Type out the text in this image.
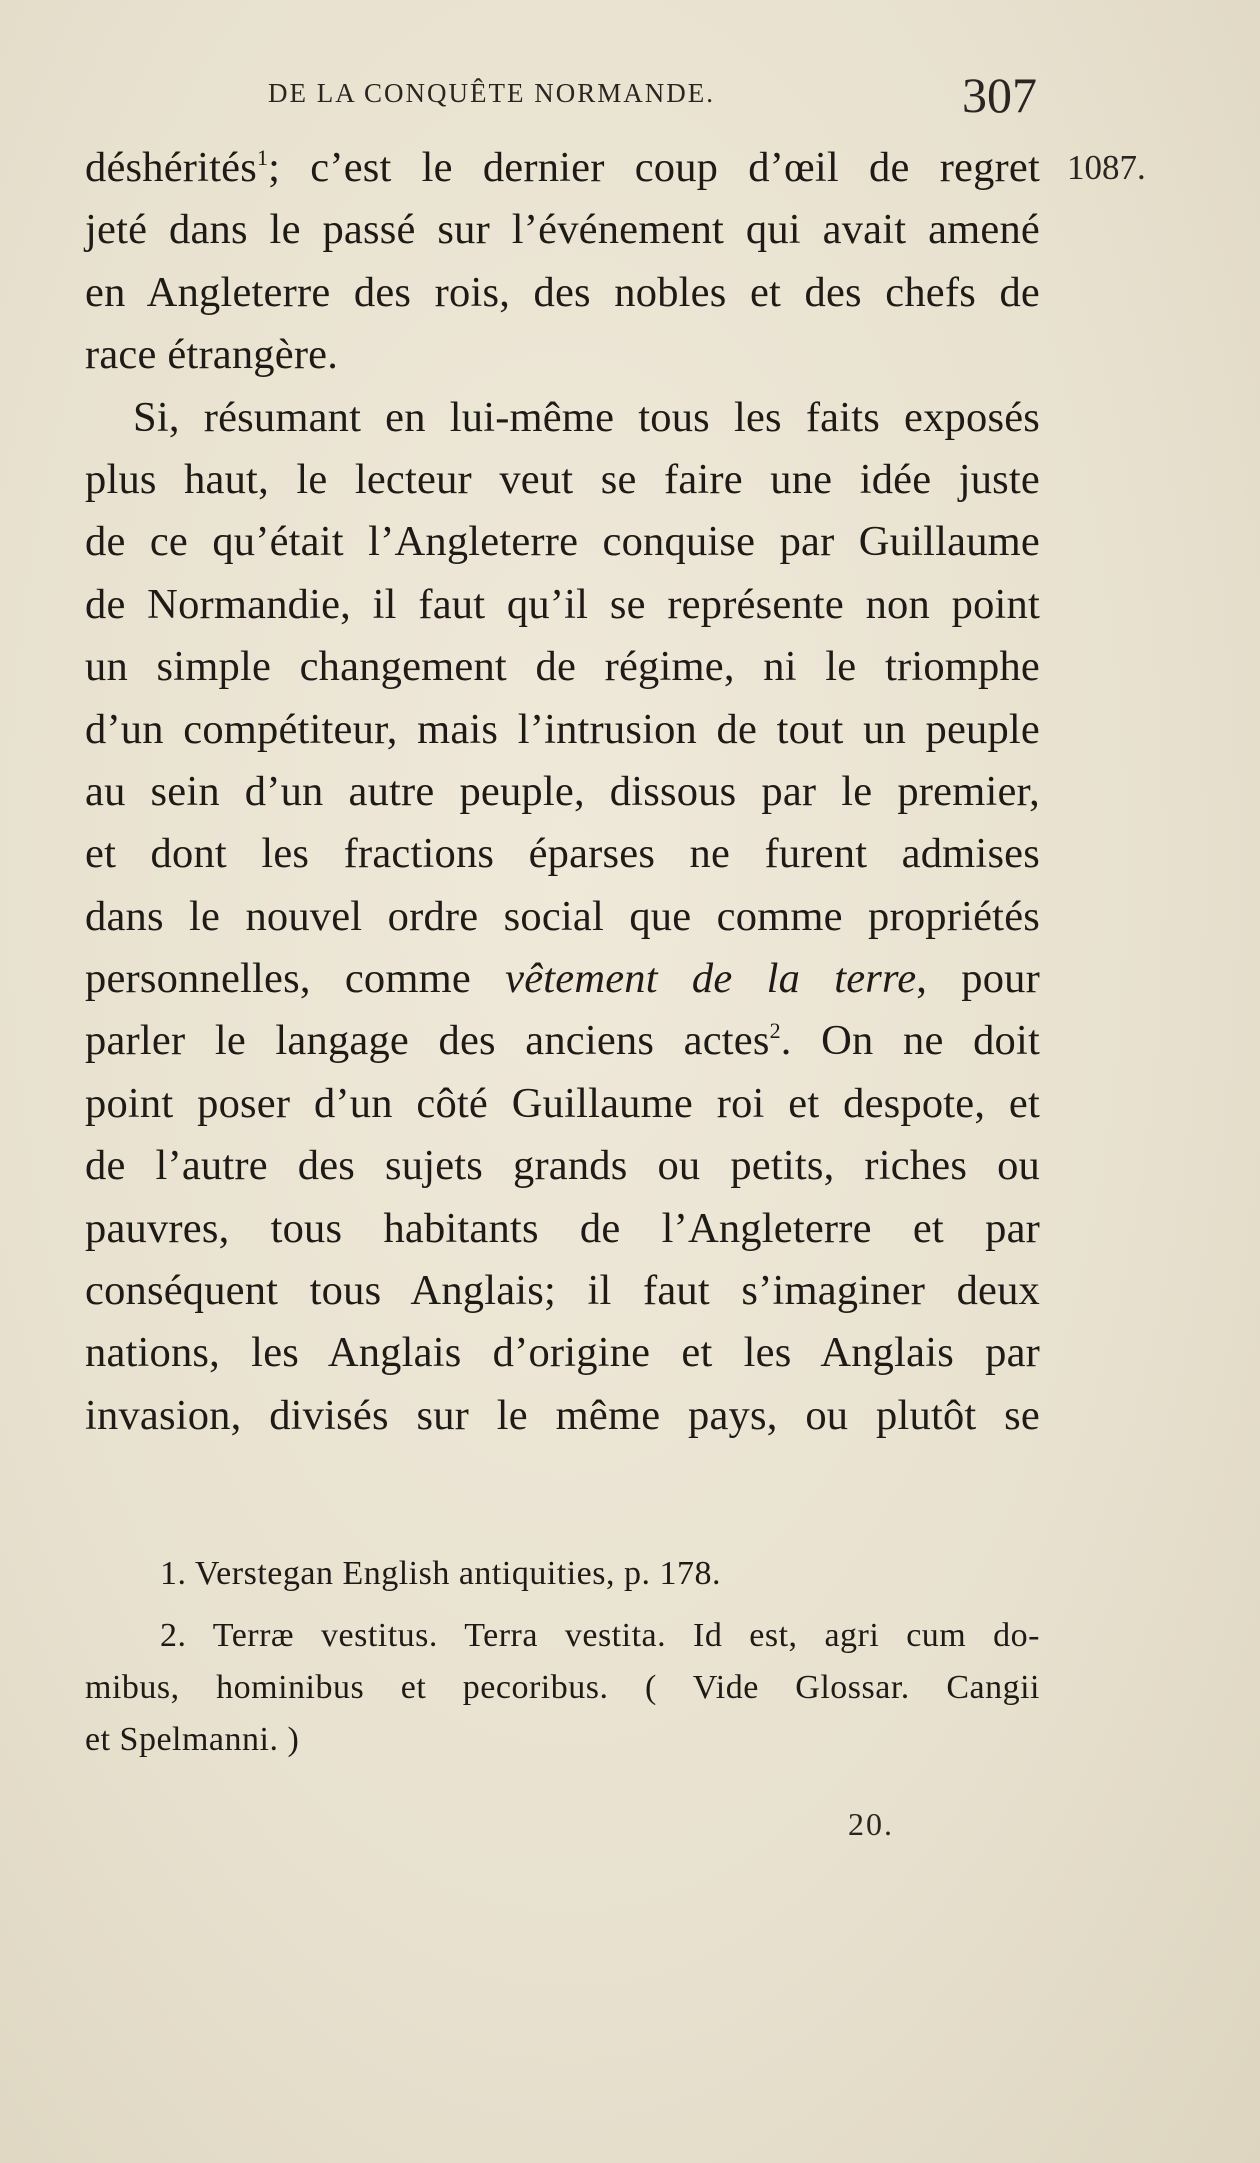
DE LA CONQUÊTE NORMANDE.	307
1087.
déshérités$^1$; c’est le dernier coup d’œil de regret
jeté dans le passé sur l’événement qui avait amené
en Angleterre des rois, des nobles et des chefs de
race étrangère.
Si, résumant en lui-même tous les faits exposés
plus haut, le lecteur veut se faire une idée juste
de ce qu’était l’Angleterre conquise par Guillaume
de Normandie, il faut qu’il se représente non point
un simple changement de régime, ni le triomphe
d’un compétiteur, mais l’intrusion de tout un peuple
au sein d’un autre peuple, dissous par le premier,
et dont les fractions éparses ne furent admises
dans le nouvel ordre social que comme propriétés
personnelles, comme vêtement de la terre, pour
parler le langage des anciens actes$^2$. On ne doit
point poser d’un côté Guillaume roi et despote, et
de l’autre des sujets grands ou petits, riches ou
pauvres, tous habitants de l’Angleterre et par
conséquent tous Anglais; il faut s’imaginer deux
nations, les Anglais d’origine et les Anglais par
invasion, divisés sur le même pays, ou plutôt se
1. Verstegan English antiquities, p. 178.
2. Terræ vestitus. Terra vestita. Id est, agri cum do-
mibus, hominibus et pecoribus. ( Vide Glossar. Cangii
et Spelmanni. )
20.
